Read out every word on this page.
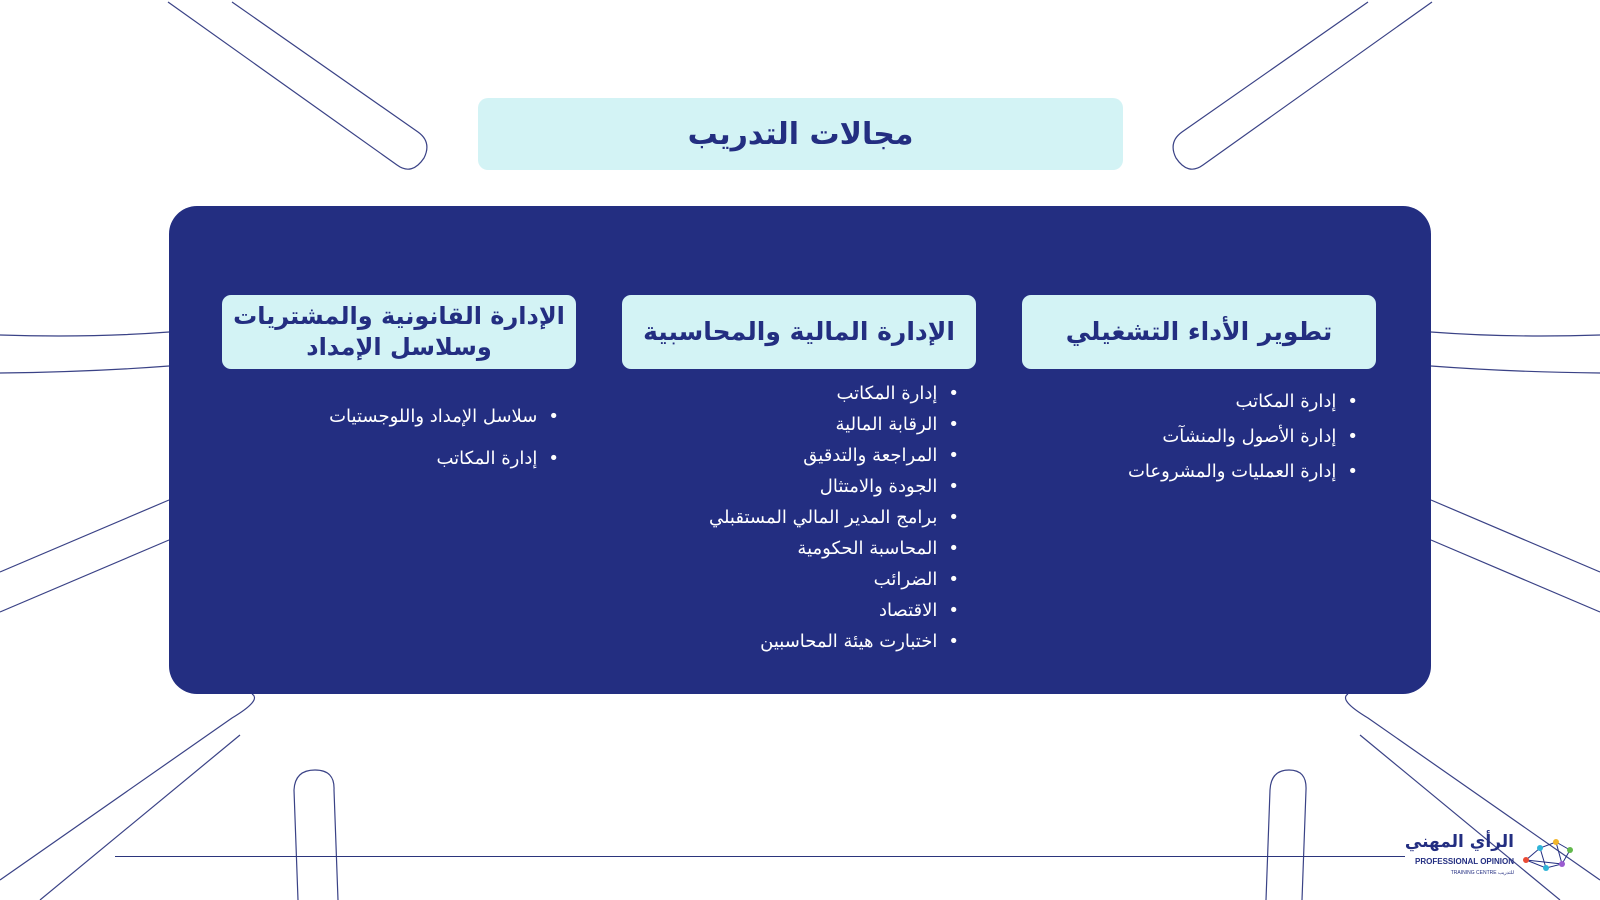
مجالات التدريب
تطوير الأداء التشغيلي
• إدارة المكاتب
• إدارة الأصول والمنشآت
• إدارة العمليات والمشروعات
الإدارة المالية والمحاسبية
• إدارة المكاتب
• الرقابة المالية
• المراجعة والتدقيق
• الجودة والامتثال
• برامج المدير المالي المستقبلي
• المحاسبة الحكومية
• الضرائب
• الاقتصاد
• اختبارت هيئة المحاسبين
الإدارة القانونية والمشتريات
وسلاسل الإمداد
• سلاسل الإمداد واللوجستيات
• إدارة المكاتب
الرأي المهني
PROFESSIONAL OPINION
TRAINING CENTRE للتدريب
